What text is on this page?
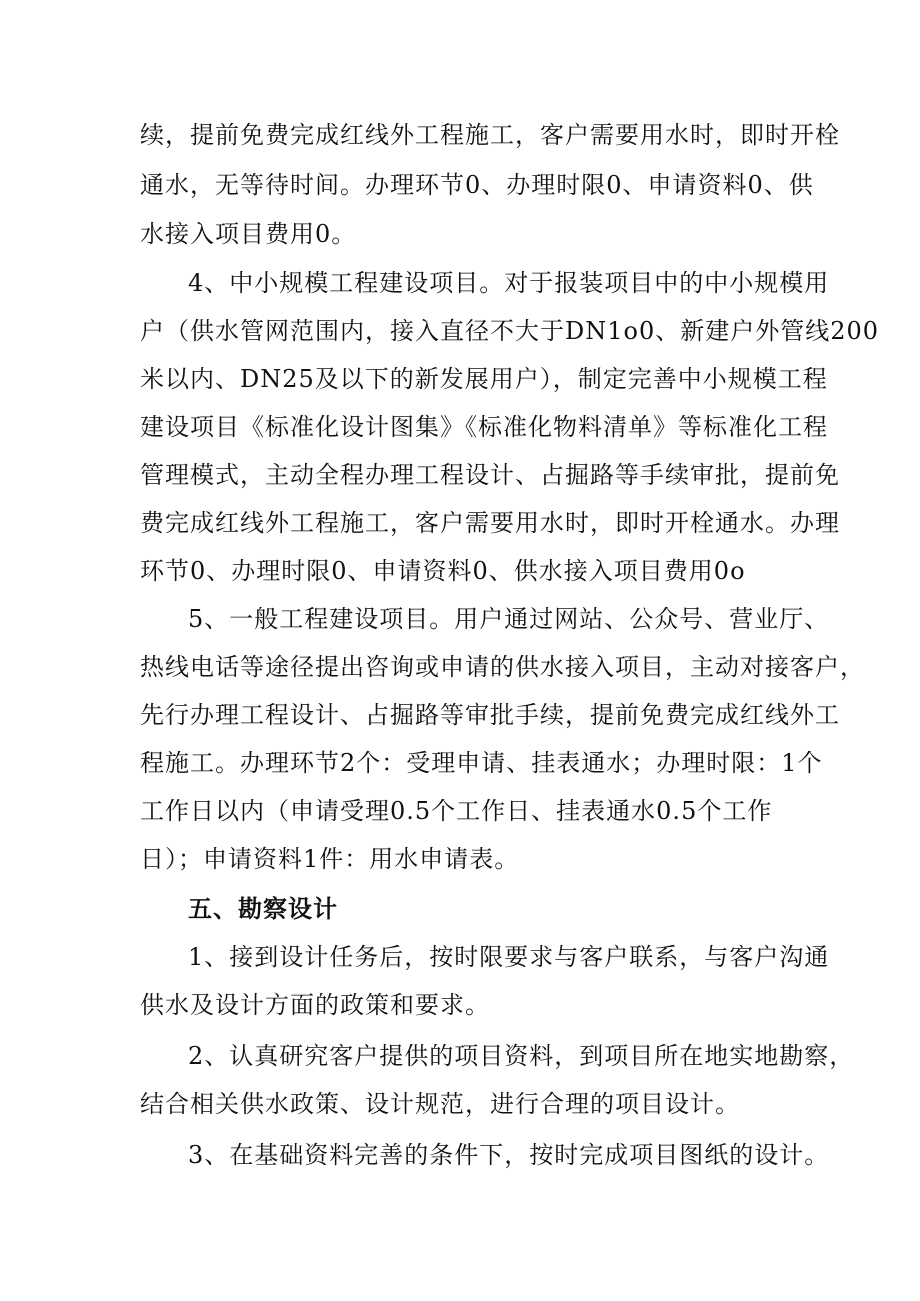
续，提前免费完成红线外工程施工，客户需要用水时，即时开栓
通水，无等待时间。办理环节0、办理时限0、申请资料0、供
水接入项目费用0。
4、中小规模工程建设项目。对于报装项目中的中小规模用
户（供水管网范围内，接入直径不大于DN1o0、新建户外管线200
米以内、DN25及以下的新发展用户），制定完善中小规模工程
建设项目《标准化设计图集》《标准化物料清单》等标准化工程
管理模式，主动全程办理工程设计、占掘路等手续审批，提前免
费完成红线外工程施工，客户需要用水时，即时开栓通水。办理
环节0、办理时限0、申请资料0、供水接入项目费用0o
5、一般工程建设项目。用户通过网站、公众号、营业厅、
热线电话等途径提出咨询或申请的供水接入项目，主动对接客户，
先行办理工程设计、占掘路等审批手续，提前免费完成红线外工
程施工。办理环节2个：受理申请、挂表通水；办理时限：1个
工作日以内（申请受理0.5个工作日、挂表通水0.5个工作
日）；申请资料1件：用水申请表。
五、勘察设计
1、接到设计任务后，按时限要求与客户联系，与客户沟通
供水及设计方面的政策和要求。
2、认真研究客户提供的项目资料，到项目所在地实地勘察，
结合相关供水政策、设计规范，进行合理的项目设计。
3、在基础资料完善的条件下，按时完成项目图纸的设计。
